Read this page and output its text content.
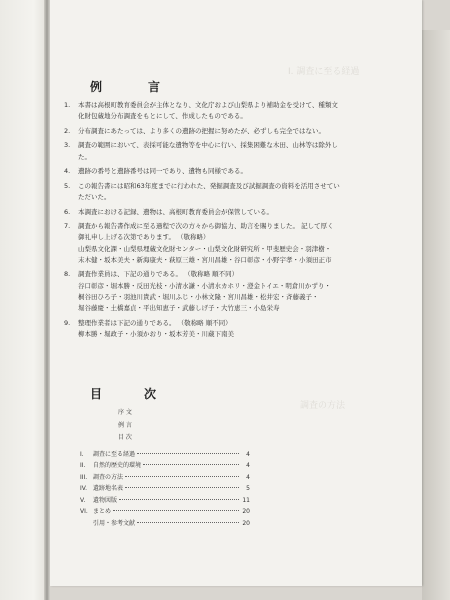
I. 調査に至る経過
調査の方法
例	言
1.	本書は高根町教育委員会が主体となり、文化庁および山梨県より補助金を受けて、種類文
化財包蔵地分布調査をもとにして、作成したものである。
2.	分布調査にあたっては、より多くの遺跡の把握に努めたが、必ずしも完全ではない。
3.	調査の範囲において、表採可能な遺物等を中心に行い、採集困難な木田、山林等は除外し
た。
4.	遺跡の番号と遺跡番号は同一であり、遺物も同様である。
5.	この報告書には昭和63年度までに行われた、発掘調査及び試掘調査の資料を活用させてい
ただいた。
6.	本調査における記録、遺物は、高根町教育委員会が保管している。
7.	調査から報告書作成に至る過程で次の方々から御協力、助言を賜りました。 記して厚く
御礼申し上げる次第であります。 （敬称略）
山梨県文化課・山梨県埋蔵文化財センター・山梨文化財研究所・甲斐歴史会・羽津樹・
末木健・坂本美夫・新海康夫・萩原三雄・宮川昌雄・谷口彰彦・小野宇孝・小須田正市
8.	調査作業員は、下記の通りである。 （敬称略 順不同）
谷口彰彦・堀本勝・反田光枝・小清水謙・小清水カホリ・澄金トイエ・明倉川かずり・
桐谷田ひろ子・羽池川貴武・堀川ふじ・小林文隆・宮川昌雄・松井宏・斉藤義子・
堀谷藤慶・土橋嘉貞・平出知恵子・武藤しげ子・大竹恵三・小島栄寿
9.	整理作業者は下記の通りである。 （敬称略 順不同）
柳本勝・堀政子・小須かおり・坂本芳美・川蔵下南美
目	次
序 文
例 言
目 次
I.	調査に至る経過	4
II.	自然的歴史的環境	4
III. 調査の方法	4
IV. 遺跡地名表	5
V.	遺物図版	11
VI. まとめ	20
引用・参考文献	20
